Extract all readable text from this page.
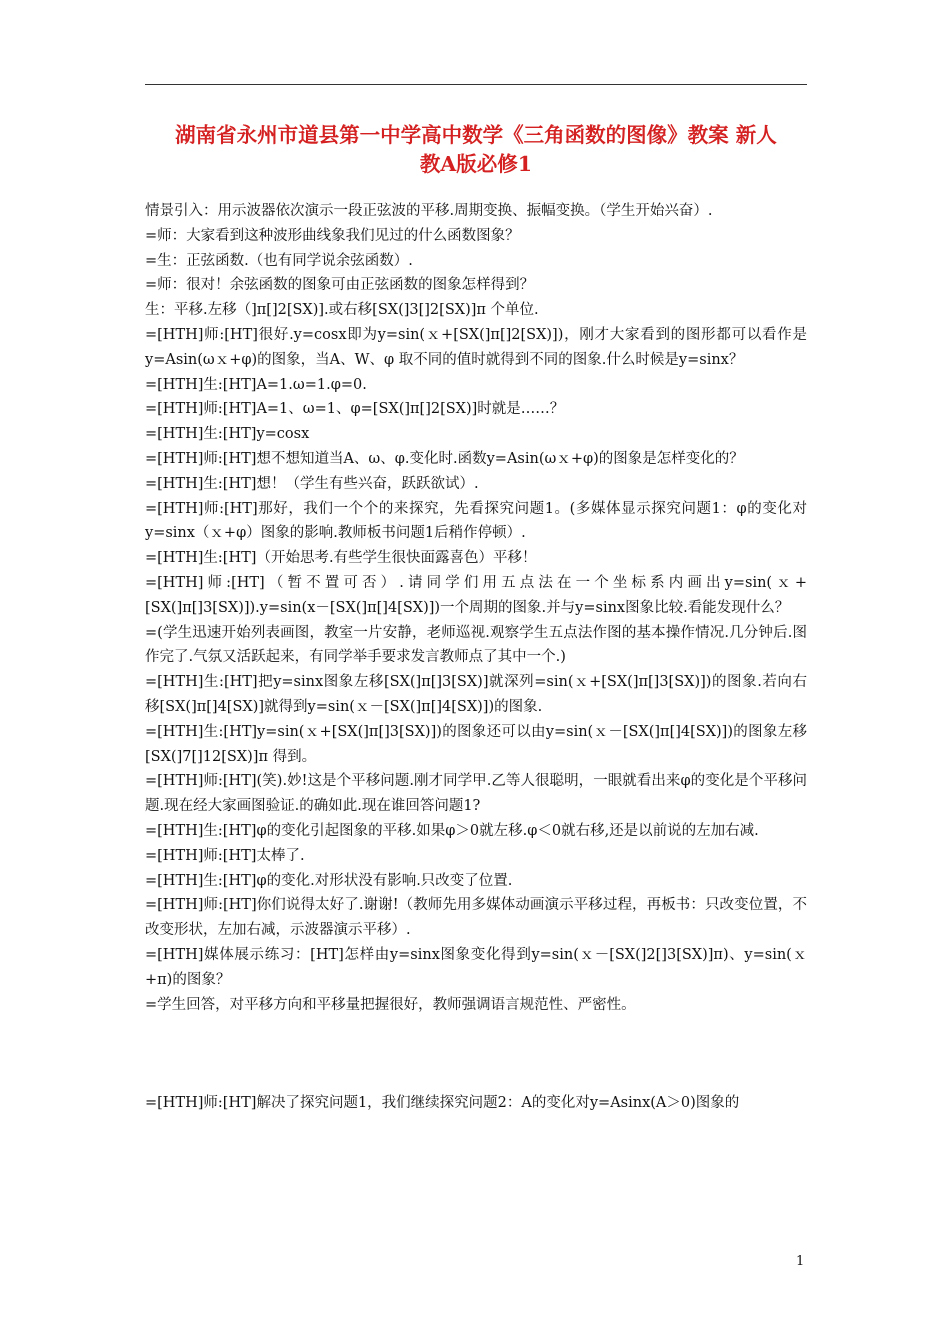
湖南省永州市道县第一中学高中数学《三角函数的图像》教案 新人
教A版必修1

情景引入：用示波器依次演示一段正弦波的平移.周期变换、振幅变换。（学生开始兴奋）.

=师：大家看到这种波形曲线象我们见过的什么函数图象？

=生：正弦函数.（也有同学说余弦函数）.

=师：很对！余弦函数的图象可由正弦函数的图象怎样得到？

生：平移.左移（]π[]2[SX)].或右移[SX(]3[]2[SX)]π 个单位.

=[HTH]师:[HT]很好.y=cosx即为y=sin(ｘ+[SX(]π[]2[SX)])，刚才大家看到的图形都可以看作是y=Asin(ωｘ+φ)的图象，当A、W、φ 取不同的值时就得到不同的图象.什么时候是y=sinx？

=[HTH]生:[HT]A=1.ω=1.φ=0.

=[HTH]师:[HT]A=1、ω=1、φ=[SX(]π[]2[SX)]时就是……？

=[HTH]生:[HT]y=cosx

=[HTH]师:[HT]想不想知道当A、ω、φ.变化时.函数y=Asin(ωｘ+φ)的图象是怎样变化的？

=[HTH]生:[HT]想！（学生有些兴奋，跃跃欲试）.

=[HTH]师:[HT]那好，我们一个个的来探究，先看探究问题1。(多媒体显示探究问题1：φ的变化对y=sinx（ｘ+φ）图象的影响.教师板书问题1后稍作停顿）.

=[HTH]生:[HT]（开始思考.有些学生很快面露喜色）平移！

=[HTH]师:[HT]（暂不置可否）.请同学们用五点法在一个坐标系内画出y=sin(ｘ+[SX(]π[]3[SX)]).y=sin(x－[SX(]π[]4[SX)])一个周期的图象.并与y=sinx图象比较.看能发现什么？

=(学生迅速开始列表画图，教室一片安静，老师巡视.观察学生五点法作图的基本操作情况.几分钟后.图作完了.气氛又活跃起来，有同学举手要求发言教师点了其中一个.)

=[HTH]生:[HT]把y=sinx图象左移[SX(]π[]3[SX)]就深列=sin(ｘ+[SX(]π[]3[SX)])的图象.若向右移[SX(]π[]4[SX)]就得到y=sin(ｘ－[SX(]π[]4[SX)])的图象.

=[HTH]生:[HT]y=sin(ｘ+[SX(]π[]3[SX)])的图象还可以由y=sin(ｘ－[SX(]π[]4[SX)])的图象左移[SX(]7[]12[SX)]π 得到。

=[HTH]师:[HT](笑).妙!这是个平移问题.刚才同学甲.乙等人很聪明，一眼就看出来φ的变化是个平移问题.现在经大家画图验证.的确如此.现在谁回答问题1?

=[HTH]生:[HT]φ的变化引起图象的平移.如果φ＞0就左移.φ＜0就右移,还是以前说的左加右减.

=[HTH]师:[HT]太棒了.

=[HTH]生:[HT]φ的变化.对形状没有影响.只改变了位置.

=[HTH]师:[HT]你们说得太好了.谢谢!（教师先用多媒体动画演示平移过程，再板书：只改变位置，不改变形状，左加右减，示波器演示平移）.

=[HTH]媒体展示练习：[HT]怎样由y=sinx图象变化得到y=sin(ｘ－[SX(]2[]3[SX)]π)、y=sin(ｘ+π)的图象？

=学生回答，对平移方向和平移量把握很好，教师强调语言规范性、严密性。

=[HTH]师:[HT]解决了探究问题1，我们继续探究问题2：A的变化对y=Asinx(A＞0)图象的

1
